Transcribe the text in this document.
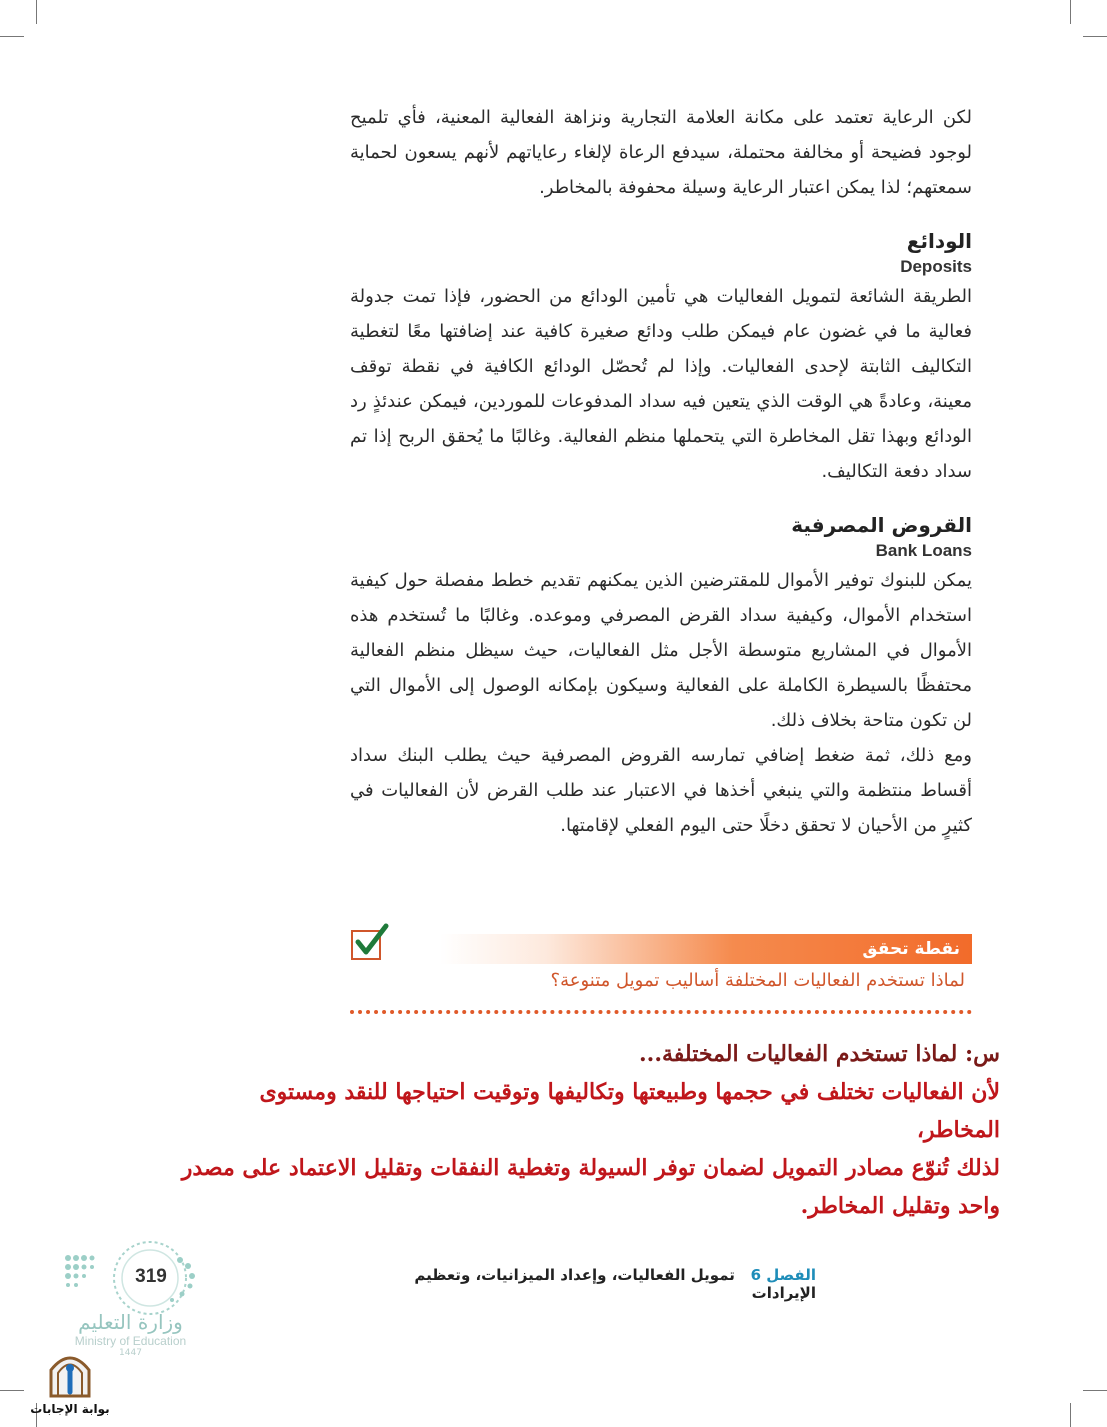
لكن الرعاية تعتمد على مكانة العلامة التجارية ونزاهة الفعالية المعنية، فأي تلميح لوجود فضيحة أو مخالفة محتملة، سيدفع الرعاة لإلغاء رعاياتهم لأنهم يسعون لحماية سمعتهم؛ لذا يمكن اعتبار الرعاية وسيلة محفوفة بالمخاطر.

الودائع
Deposits

الطريقة الشائعة لتمويل الفعاليات هي تأمين الودائع من الحضور، فإذا تمت جدولة فعالية ما في غضون عام فيمكن طلب ودائع صغيرة كافية عند إضافتها معًا لتغطية التكاليف الثابتة لإحدى الفعاليات. وإذا لم تُحصّل الودائع الكافية في نقطة توقف معينة، وعادةً هي الوقت الذي يتعين فيه سداد المدفوعات للموردين، فيمكن عندئذٍ رد الودائع وبهذا تقل المخاطرة التي يتحملها منظم الفعالية. وغالبًا ما يُحقق الربح إذا تم سداد دفعة التكاليف.

القروض المصرفية
Bank Loans

يمكن للبنوك توفير الأموال للمقترضين الذين يمكنهم تقديم خطط مفصلة حول كيفية استخدام الأموال، وكيفية سداد القرض المصرفي وموعده. وغالبًا ما تُستخدم هذه الأموال في المشاريع متوسطة الأجل مثل الفعاليات، حيث سيظل منظم الفعالية محتفظًا بالسيطرة الكاملة على الفعالية وسيكون بإمكانه الوصول إلى الأموال التي لن تكون متاحة بخلاف ذلك.

ومع ذلك، ثمة ضغط إضافي تمارسه القروض المصرفية حيث يطلب البنك سداد أقساط منتظمة والتي ينبغي أخذها في الاعتبار عند طلب القرض لأن الفعاليات في كثيرٍ من الأحيان لا تحقق دخلًا حتى اليوم الفعلي لإقامتها.

نقطة تحقق
لماذا تستخدم الفعاليات المختلفة أساليب تمويل متنوعة؟
س: لماذا تستخدم الفعاليات المختلفة...
لأن الفعاليات تختلف في حجمها وطبيعتها وتكاليفها وتوقيت احتياجها للنقد ومستوى المخاطر،
لذلك تُنوّع مصادر التمويل لضمان توفر السيولة وتغطية النفقات وتقليل الاعتماد على مصدر
واحد وتقليل المخاطر.
الفصل 6   تمويل الفعاليات، وإعداد الميزانيات، وتعظيم الإيرادات
319
وزارة التعليم
Ministry of Education
1447
بوابة الإجابات
